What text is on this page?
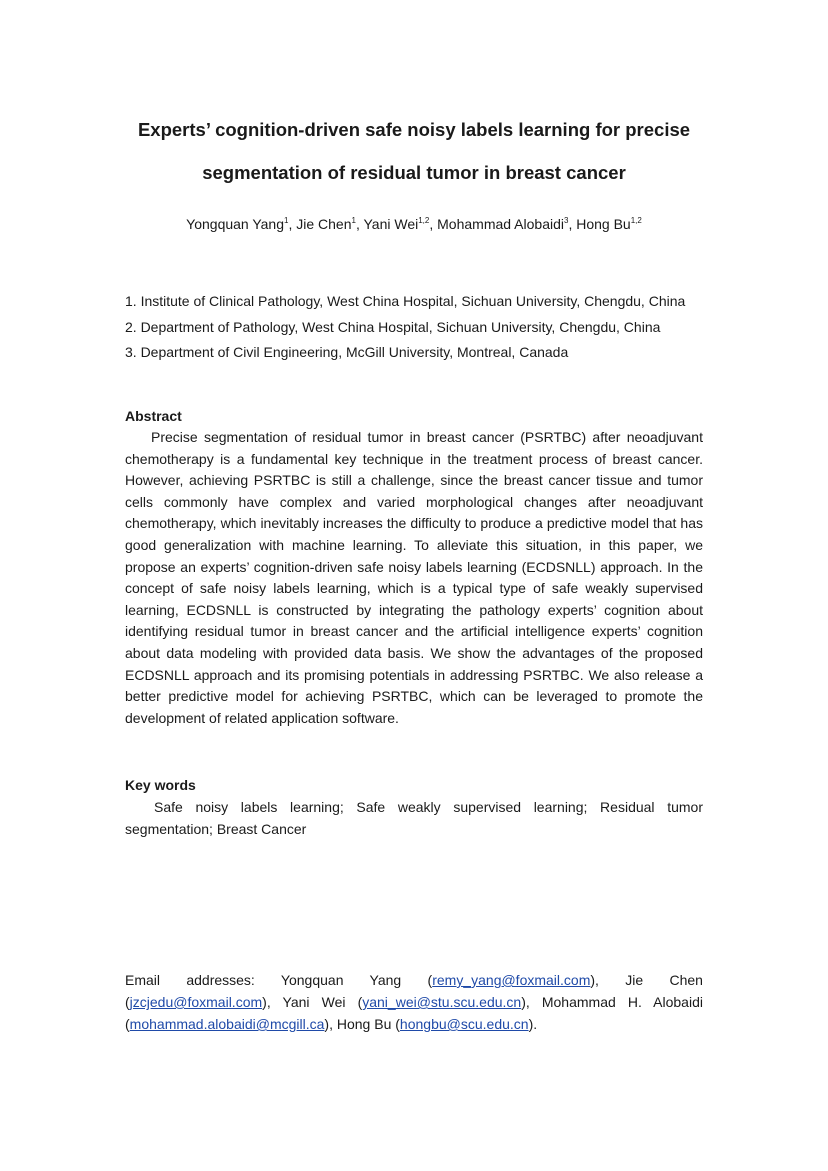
Experts’ cognition-driven safe noisy labels learning for precise
segmentation of residual tumor in breast cancer
Yongquan Yang$^1$, Jie Chen$^1$, Yani Wei$^{1,2}$, Mohammad Alobaidi$^3$, Hong Bu$^{1,2}$
1. Institute of Clinical Pathology, West China Hospital, Sichuan University, Chengdu, China
2. Department of Pathology, West China Hospital, Sichuan University, Chengdu, China
3. Department of Civil Engineering, McGill University, Montreal, Canada
Abstract

Precise segmentation of residual tumor in breast cancer (PSRTBC) after neoadjuvant chemotherapy is a fundamental key technique in the treatment process of breast cancer. However, achieving PSRTBC is still a challenge, since the breast cancer tissue and tumor cells commonly have complex and varied morphological changes after neoadjuvant chemotherapy, which inevitably increases the difficulty to produce a predictive model that has good generalization with machine learning. To alleviate this situation, in this paper, we propose an experts’ cognition-driven safe noisy labels learning (ECDSNLL) approach. In the concept of safe noisy labels learning, which is a typical type of safe weakly supervised learning, ECDSNLL is constructed by integrating the pathology experts’ cognition about identifying residual tumor in breast cancer and the artificial intelligence experts’ cognition about data modeling with provided data basis. We show the advantages of the proposed ECDSNLL approach and its promising potentials in addressing PSRTBC. We also release a better predictive model for achieving PSRTBC, which can be leveraged to promote the development of related application software.

Key words

Safe noisy labels learning; Safe weakly supervised learning; Residual tumor segmentation; Breast Cancer

Email addresses: Yongquan Yang (remy_yang@foxmail.com), Jie Chen (jzcjedu@foxmail.com), Yani Wei (yani_wei@stu.scu.edu.cn), Mohammad H. Alobaidi (mohammad.alobaidi@mcgill.ca), Hong Bu (hongbu@scu.edu.cn).
